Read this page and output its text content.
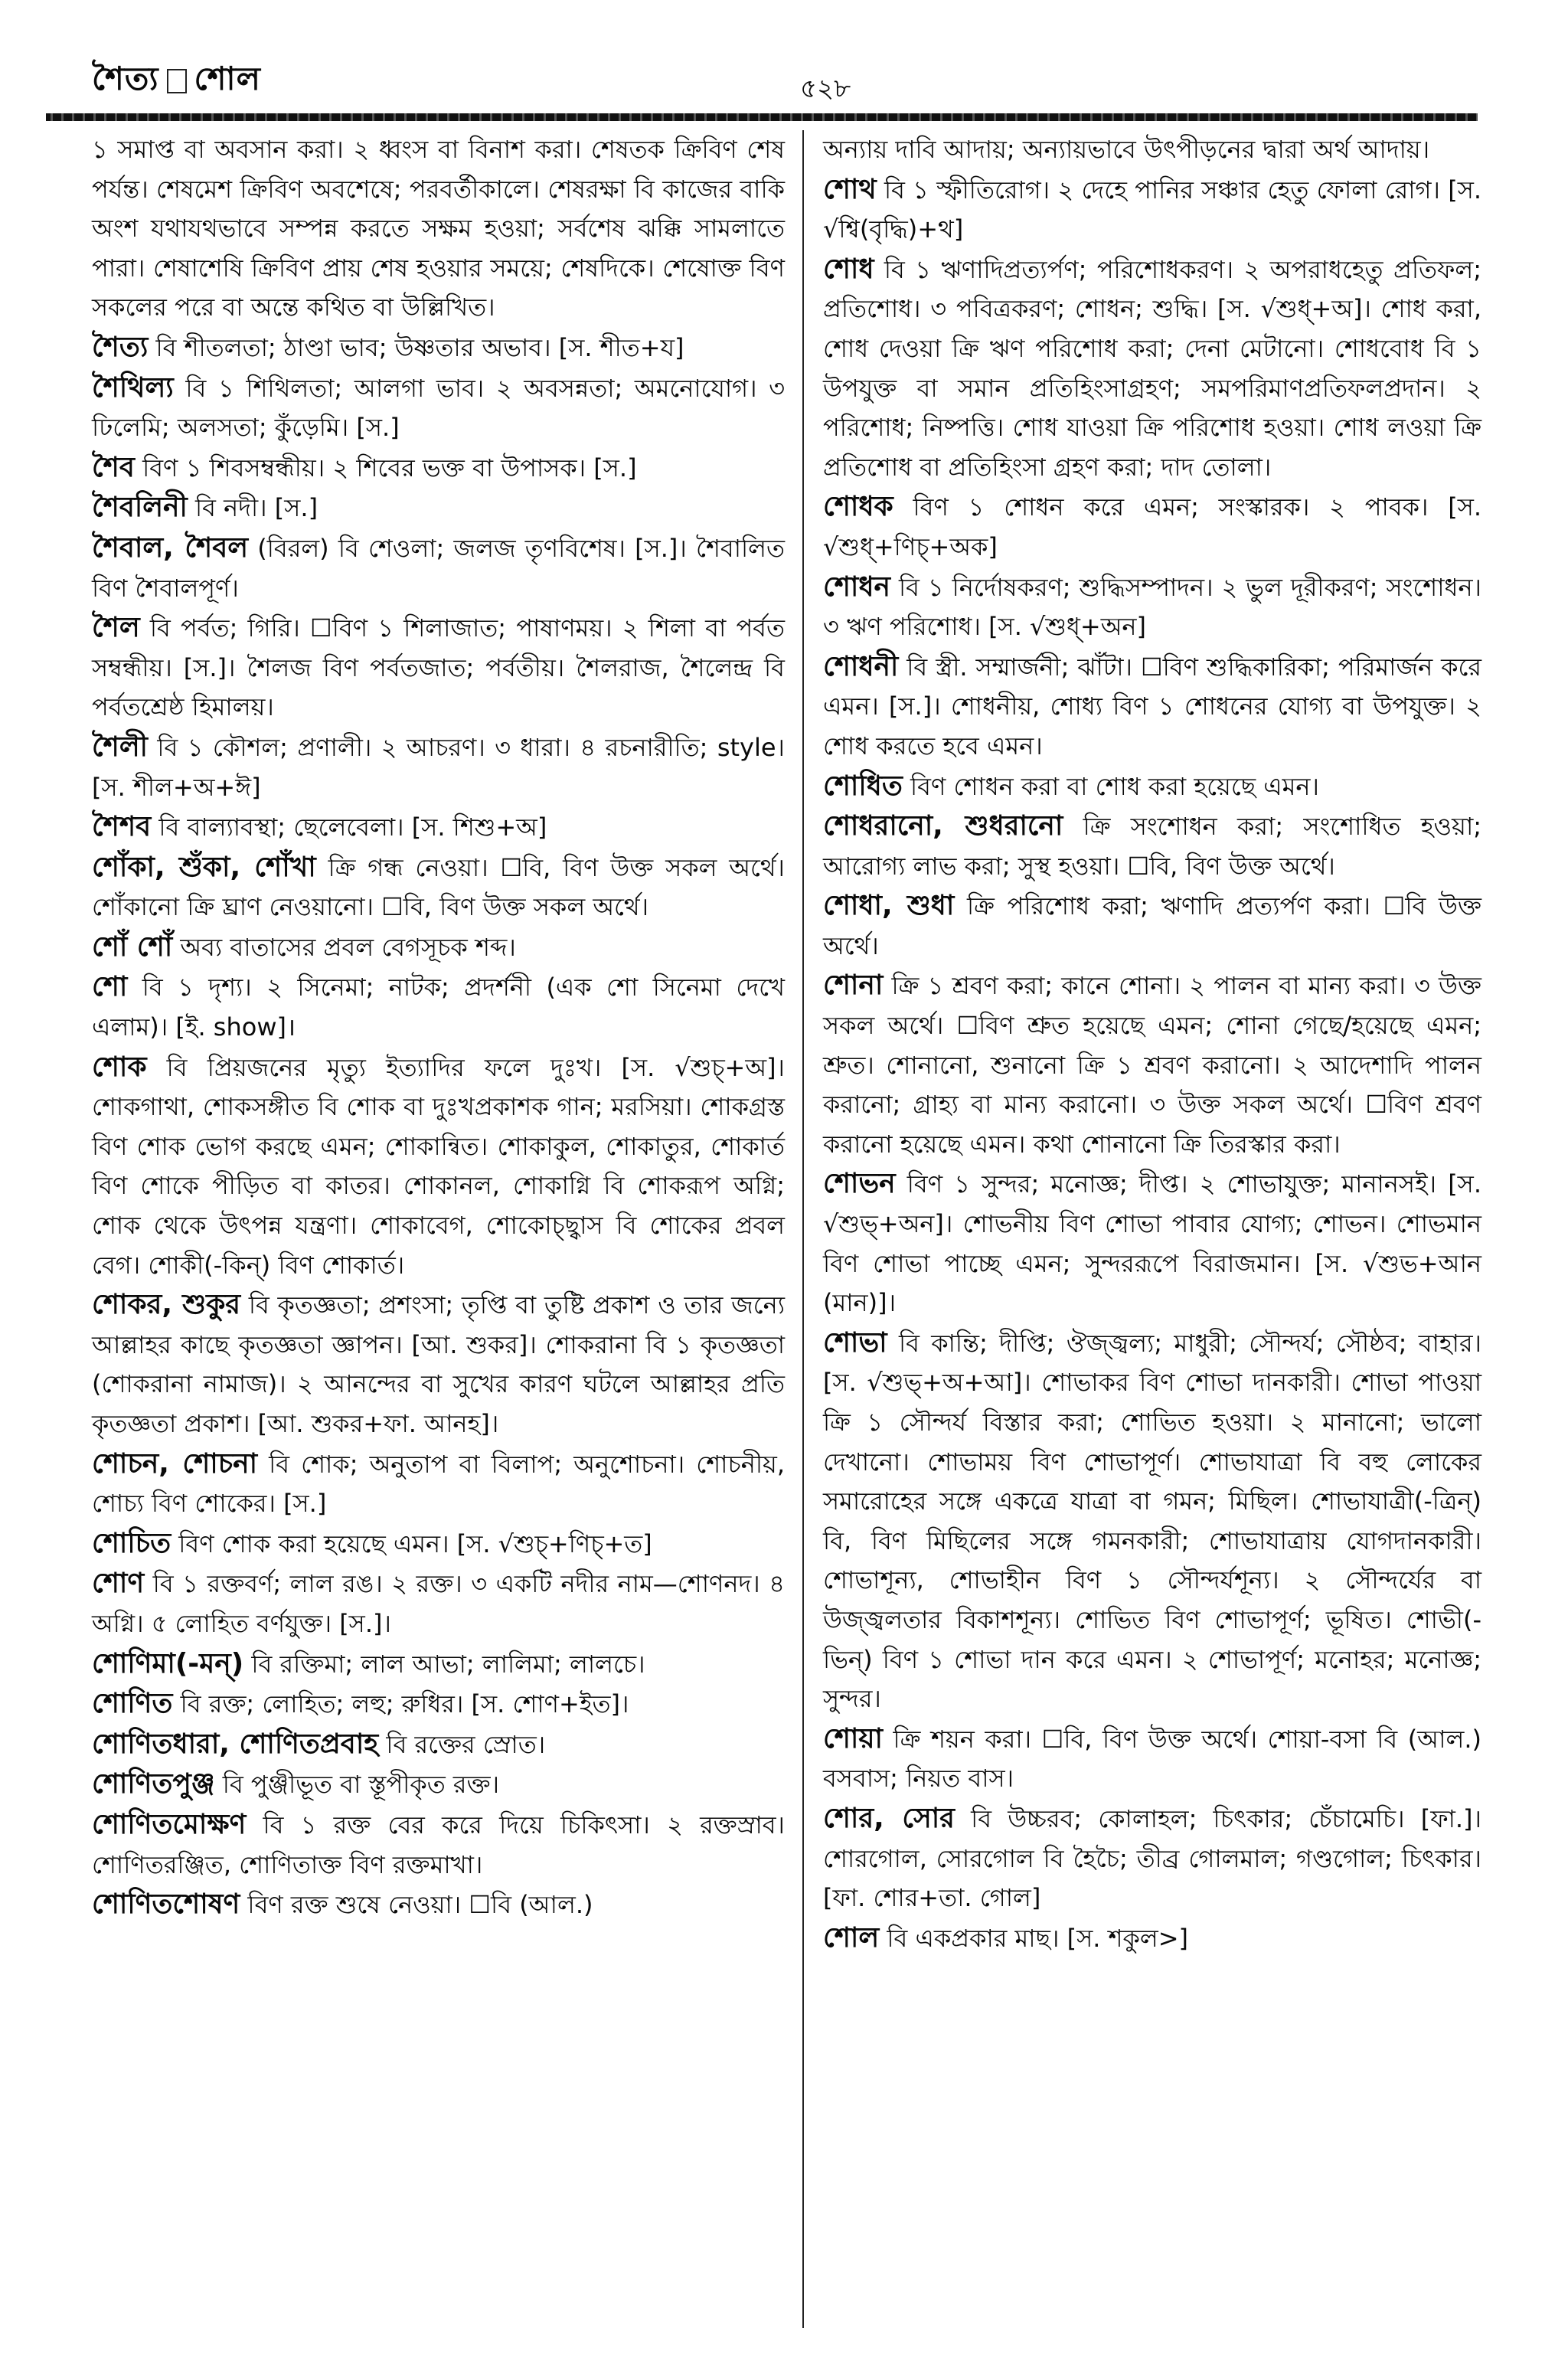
শৈত্য শোল	৫২৮

১ সমাপ্ত বা অবসান করা। ২ ধ্বংস বা বিনাশ করা। শেষতক ক্রিবিণ শেষ পর্যন্ত। শেষমেশ ক্রিবিণ অবশেষে; পরবর্তীকালে। শেষরক্ষা বি কাজের বাকি অংশ যথাযথভাবে সম্পন্ন করতে সক্ষম হওয়া; সর্বশেষ ঝক্কি সামলাতে পারা। শেষাশেষি ক্রিবিণ প্রায় শেষ হওয়ার সময়ে; শেষদিকে। শেষোক্ত বিণ সকলের পরে বা অন্তে কথিত বা উল্লিখিত।

শৈত্য বি শীতলতা; ঠাণ্ডা ভাব; উষ্ণতার অভাব। [স. শীত+য]

শৈথিল্য বি ১ শিথিলতা; আলগা ভাব। ২ অবসন্নতা; অমনোযোগ। ৩ ঢিলেমি; অলসতা; কুঁড়েমি। [স.]

শৈব বিণ ১ শিবসম্বন্ধীয়। ২ শিবের ভক্ত বা উপাসক। [স.]

শৈবলিনী বি নদী। [স.]

শৈবাল, শৈবল (বিরল) বি শেওলা; জলজ তৃণবিশেষ। [স.]। শৈবালিত বিণ শৈবালপূর্ণ।

শৈল বি পর্বত; গিরি। ☐বিণ ১ শিলাজাত; পাষাণময়। ২ শিলা বা পর্বত সম্বন্ধীয়। [স.]। শৈলজ বিণ পর্বতজাত; পর্বতীয়। শৈলরাজ, শৈলেন্দ্র বি পর্বতশ্রেষ্ঠ হিমালয়।

শৈলী বি ১ কৌশল; প্রণালী। ২ আচরণ। ৩ ধারা। ৪ রচনারীতি; style। [স. শীল+অ+ঈ]

শৈশব বি বাল্যাবস্থা; ছেলেবেলা। [স. শিশু+অ]

শোঁকা, শুঁকা, শোঁখা ক্রি গন্ধ নেওয়া। ☐বি, বিণ উক্ত সকল অর্থে। শোঁকানো ক্রি ঘ্রাণ নেওয়ানো। ☐বি, বিণ উক্ত সকল অর্থে।

শোঁ শোঁ অব্য বাতাসের প্রবল বেগসূচক শব্দ।

শো বি ১ দৃশ্য। ২ সিনেমা; নাটক; প্রদর্শনী (এক শো সিনেমা দেখে এলাম)। [ই. show]।

শোক বি প্রিয়জনের মৃত্যু ইত্যাদির ফলে দুঃখ। [স. √শুচ্‌+অ]। শোকগাথা, শোকসঙ্গীত বি শোক বা দুঃখপ্রকাশক গান; মরসিয়া। শোকগ্রস্ত বিণ শোক ভোগ করছে এমন; শোকান্বিত। শোকাকুল, শোকাতুর, শোকার্ত বিণ শোকে পীড়িত বা কাতর। শোকানল, শোকাগ্নি বি শোকরূপ অগ্নি; শোক থেকে উৎপন্ন যন্ত্রণা। শোকাবেগ, শোকোচ্ছ্বাস বি শোকের প্রবল বেগ। শোকী(-কিন্‌) বিণ শোকার্ত।

শোকর, শুকুর বি কৃতজ্ঞতা; প্রশংসা; তৃপ্তি বা তুষ্টি প্রকাশ ও তার জন্যে আল্লাহর কাছে কৃতজ্ঞতা জ্ঞাপন। [আ. শুকর]। শোকরানা বি ১ কৃতজ্ঞতা (শোকরানা নামাজ)। ২ আনন্দের বা সুখের কারণ ঘটলে আল্লাহর প্রতি কৃতজ্ঞতা প্রকাশ। [আ. শুকর+ফা. আনহ]।

শোচন, শোচনা বি শোক; অনুতাপ বা বিলাপ; অনুশোচনা। শোচনীয়, শোচ্য বিণ শোকের। [স.]

শোচিত বিণ শোক করা হয়েছে এমন। [স. √শুচ্‌+ণিচ্‌+ত]

শোণ বি ১ রক্তবর্ণ; লাল রঙ। ২ রক্ত। ৩ একটি নদীর নাম—শোণনদ। ৪ অগ্নি। ৫ লোহিত বর্ণযুক্ত। [স.]।

শোণিমা(-মন্‌) বি রক্তিমা; লাল আভা; লালিমা; লালচে।

শোণিত বি রক্ত; লোহিত; লহু; রুধির। [স. শোণ+ইত]।

শোণিতধারা, শোণিতপ্রবাহ বি রক্তের স্রোত।

শোণিতপুঞ্জ বি পুঞ্জীভূত বা স্তূপীকৃত রক্ত।

শোণিতমোক্ষণ বি ১ রক্ত বের করে দিয়ে চিকিৎসা। ২ রক্তস্রাব। শোণিতরঞ্জিত, শোণিতাক্ত বিণ রক্তমাখা।

শোণিতশোষণ বিণ রক্ত শুষে নেওয়া। ☐বি (আল.)

অন্যায় দাবি আদায়; অন্যায়ভাবে উৎপীড়নের দ্বারা অর্থ আদায়।

শোথ বি ১ স্ফীতিরোগ। ২ দেহে পানির সঞ্চার হেতু ফোলা রোগ। [স. √শ্বি(বৃদ্ধি)+থ]

শোধ বি ১ ঋণাদিপ্রত্যর্পণ; পরিশোধকরণ। ২ অপরাধহেতু প্রতিফল; প্রতিশোধ। ৩ পবিত্রকরণ; শোধন; শুদ্ধি। [স. √শুধ্‌+অ]। শোধ করা, শোধ দেওয়া ক্রি ঋণ পরিশোধ করা; দেনা মেটানো। শোধবোধ বি ১ উপযুক্ত বা সমান প্রতিহিংসাগ্রহণ; সমপরিমাণপ্রতিফলপ্রদান। ২ পরিশোধ; নিষ্পত্তি। শোধ যাওয়া ক্রি পরিশোধ হওয়া। শোধ লওয়া ক্রি প্রতিশোধ বা প্রতিহিংসা গ্রহণ করা; দাদ তোলা।

শোধক বিণ ১ শোধন করে এমন; সংস্কারক। ২ পাবক। [স. √শুধ্‌+ণিচ্‌+অক]

শোধন বি ১ নির্দোষকরণ; শুদ্ধিসম্পাদন। ২ ভুল দূরীকরণ; সংশোধন। ৩ ঋণ পরিশোধ। [স. √শুধ্‌+অন]

শোধনী বি স্ত্রী. সম্মার্জনী; ঝাঁটা। ☐বিণ শুদ্ধিকারিকা; পরিমার্জন করে এমন। [স.]। শোধনীয়, শোধ্য বিণ ১ শোধনের যোগ্য বা উপযুক্ত। ২ শোধ করতে হবে এমন।

শোধিত বিণ শোধন করা বা শোধ করা হয়েছে এমন।

শোধরানো, শুধরানো ক্রি সংশোধন করা; সংশোধিত হওয়া; আরোগ্য লাভ করা; সুস্থ হওয়া। ☐বি, বিণ উক্ত অর্থে।

শোধা, শুধা ক্রি পরিশোধ করা; ঋণাদি প্রত্যর্পণ করা। ☐বি উক্ত অর্থে।

শোনা ক্রি ১ শ্রবণ করা; কানে শোনা। ২ পালন বা মান্য করা। ৩ উক্ত সকল অর্থে। ☐বিণ শ্রুত হয়েছে এমন; শোনা গেছে/হয়েছে এমন; শ্রুত। শোনানো, শুনানো ক্রি ১ শ্রবণ করানো। ২ আদেশাদি পালন করানো; গ্রাহ্য বা মান্য করানো। ৩ উক্ত সকল অর্থে। ☐বিণ শ্রবণ করানো হয়েছে এমন। কথা শোনানো ক্রি তিরস্কার করা।

শোভন বিণ ১ সুন্দর; মনোজ্ঞ; দীপ্ত। ২ শোভাযুক্ত; মানানসই। [স. √শুভ্‌+অন]। শোভনীয় বিণ শোভা পাবার যোগ্য; শোভন। শোভমান বিণ শোভা পাচ্ছে এমন; সুন্দররূপে বিরাজমান। [স. √শুভ+আন (মান)]।

শোভা বি কান্তি; দীপ্তি; ঔজ্জ্বল্য; মাধুরী; সৌন্দর্য; সৌষ্ঠব; বাহার। [স. √শুভ্‌+অ+আ]। শোভাকর বিণ শোভা দানকারী। শোভা পাওয়া ক্রি ১ সৌন্দর্য বিস্তার করা; শোভিত হওয়া। ২ মানানো; ভালো দেখানো। শোভাময় বিণ শোভাপূর্ণ। শোভাযাত্রা বি বহু লোকের সমারোহের সঙ্গে একত্রে যাত্রা বা গমন; মিছিল। শোভাযাত্রী(-ত্রিন্‌) বি, বিণ মিছিলের সঙ্গে গমনকারী; শোভাযাত্রায় যোগদানকারী। শোভাশূন্য, শোভাহীন বিণ ১ সৌন্দর্যশূন্য। ২ সৌন্দর্যের বা উজ্জ্বলতার বিকাশশূন্য। শোভিত বিণ শোভাপূর্ণ; ভূষিত। শোভী(-ভিন্‌) বিণ ১ শোভা দান করে এমন। ২ শোভাপূর্ণ; মনোহর; মনোজ্ঞ; সুন্দর।

শোয়া ক্রি শয়ন করা। ☐বি, বিণ উক্ত অর্থে। শোয়া-বসা বি (আল.) বসবাস; নিয়ত বাস।

শোর, সোর বি উচ্চরব; কোলাহল; চিৎকার; চেঁচামেচি। [ফা.]। শোরগোল, সোরগোল বি হৈচৈ; তীব্র গোলমাল; গণ্ডগোল; চিৎকার। [ফা. শোর+তা. গোল]

শোল বি একপ্রকার মাছ। [স. শকুল>]
